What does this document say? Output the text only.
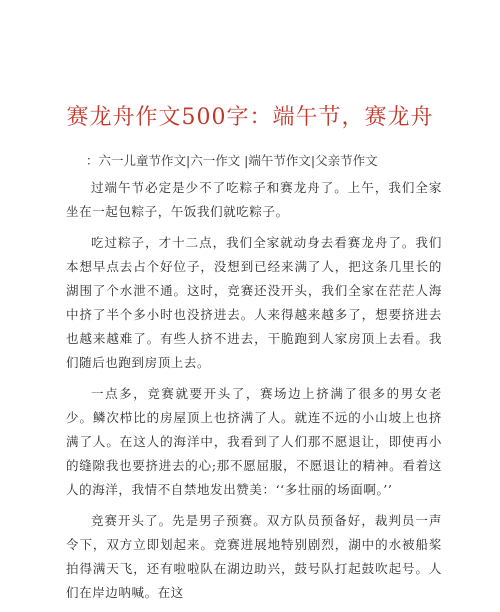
赛龙舟作文500字：端午节，赛龙舟
：六一儿童节作文|六一作文 |端午节作文|父亲节作文

过端午节必定是少不了吃粽子和赛龙舟了。上午，我们全家坐在一起包粽子，午饭我们就吃粽子。

吃过粽子，才十二点，我们全家就动身去看赛龙舟了。我们本想早点去占个好位子，没想到已经来满了人，把这条几里长的湖围了个水泄不通。这时，竞赛还没开头，我们全家在茫茫人海中挤了半个多小时也没挤进去。人来得越来越多了，想要挤进去也越来越难了。有些人挤不进去，干脆跑到人家房顶上去看。我们随后也跑到房顶上去。

一点多，竞赛就要开头了，赛场边上挤满了很多的男女老少。鳞次栉比的房屋顶上也挤满了人。就连不远的小山坡上也挤满了人。在这人的海洋中，我看到了人们那不愿退让，即使再小的缝隙我也要挤进去的心;那不愿屈服，不愿退让的精神。看着这人的海洋，我情不自禁地发出赞美：‘‘多壮丽的场面啊。’’

竞赛开头了。先是男子预赛。双方队员预备好，裁判员一声令下，双方立即划起来。竞赛进展地特别剧烈，湖中的水被船桨拍得满天飞，还有啦啦队在湖边助兴，鼓号队打起鼓吹起号。人们在岸边呐喊。在这
